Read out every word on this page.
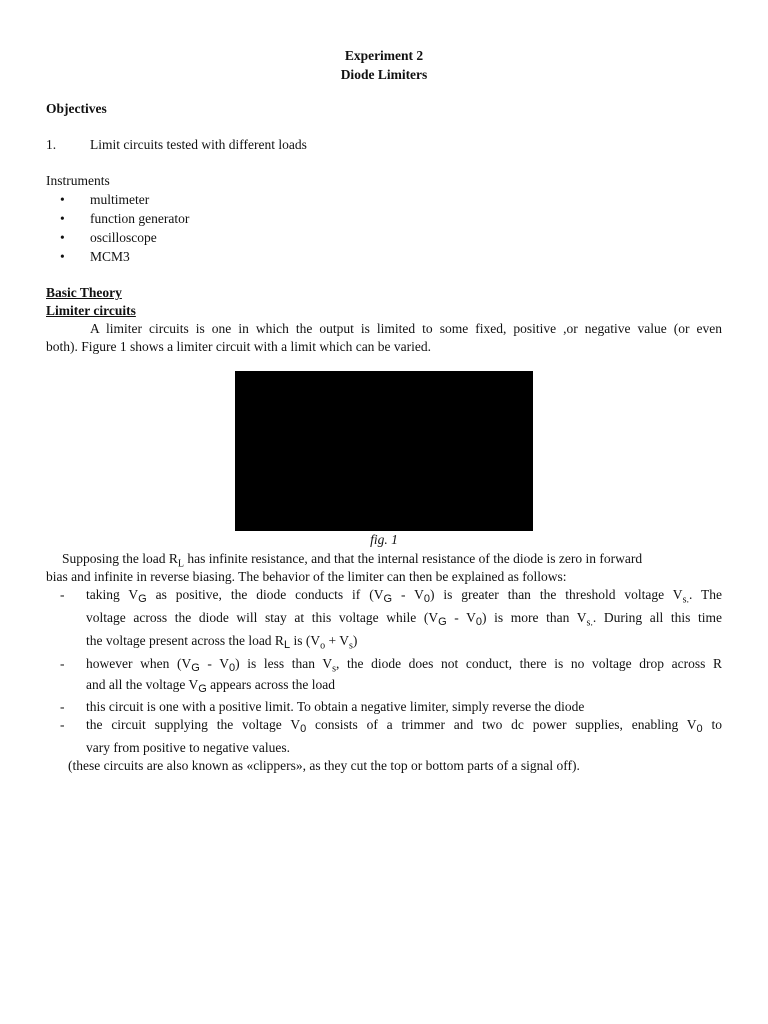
Experiment 2
Diode Limiters
Objectives
1.	Limit circuits tested with different loads
Instruments
• multimeter
• function generator
• oscilloscope
• MCM3
Basic Theory
Limiter circuits
A limiter circuits is one in which the output is limited to some fixed, positive ,or negative value (or even
both). Figure 1 shows a limiter circuit with a limit which can be varied.
fig. 1
Supposing the load $R_L$ has infinite resistance, and that the internal resistance of the diode is zero in forward
bias and infinite in reverse biasing. The behavior of the limiter can then be explained as follows:
- taking $V_G$ as positive, the diode conducts if $(V_G - V_0)$ is greater than the threshold voltage $V_{s.}$. The
voltage across the diode will stay at this voltage while $(V_G - V_0)$ is more than $V_{s.}$. During all this time
the voltage present across the load $R_L$ is $(V_o + V_s)$
- however when $(V_G - V_0)$ is less than $V_s$, the diode does not conduct, there is no voltage drop across R
and all the voltage $V_G$ appears across the load
- this circuit is one with a positive limit. To obtain a negative limiter, simply reverse the diode
- the circuit supplying the voltage $V_0$ consists of a trimmer and two dc power supplies, enabling $V_0$ to
vary from positive to negative values.
(these circuits are also known as «clippers», as they cut the top or bottom parts of a signal off).
